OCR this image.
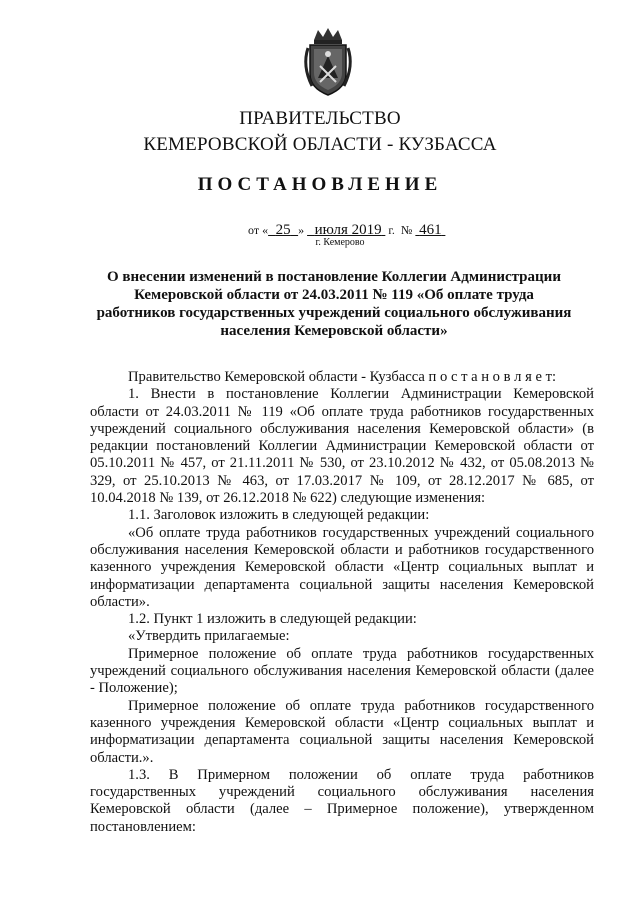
ПРАВИТЕЛЬСТВО
КЕМЕРОВСКОЙ ОБЛАСТИ - КУЗБАССА
ПОСТАНОВЛЕНИЕ
от « 25 » июля 2019 г. № 461
г. Кемерово
О внесении изменений в постановление Коллегии Администрации Кемеровской области от 24.03.2011 № 119 «Об оплате труда работников государственных учреждений социального обслуживания населения Кемеровской области»

Правительство Кемеровской области - Кузбасса п о с т а н о в л я е т:

1. Внести в постановление Коллегии Администрации Кемеровской области от 24.03.2011 № 119 «Об оплате труда работников государственных учреждений социального обслуживания населения Кемеровской области» (в редакции постановлений Коллегии Администрации Кемеровской области от 05.10.2011 № 457, от 21.11.2011 № 530, от 23.10.2012 № 432, от 05.08.2013 № 329, от 25.10.2013 № 463, от 17.03.2017 № 109, от 28.12.2017 № 685, от 10.04.2018 № 139, от 26.12.2018 № 622) следующие изменения:

1.1. Заголовок изложить в следующей редакции:

«Об оплате труда работников государственных учреждений социального обслуживания населения Кемеровской области и работников государственного казенного учреждения Кемеровской области «Центр социальных выплат и информатизации департамента социальной защиты населения Кемеровской области».

1.2. Пункт 1 изложить в следующей редакции:

«Утвердить прилагаемые:

Примерное положение об оплате труда работников государственных учреждений социального обслуживания населения Кемеровской области (далее - Положение);

Примерное положение об оплате труда работников государственного казенного учреждения Кемеровской области «Центр социальных выплат и информатизации департамента социальной защиты населения Кемеровской области.».

1.3. В Примерном положении об оплате труда работников государственных учреждений социального обслуживания населения Кемеровской области (далее – Примерное положение), утвержденном постановлением:
